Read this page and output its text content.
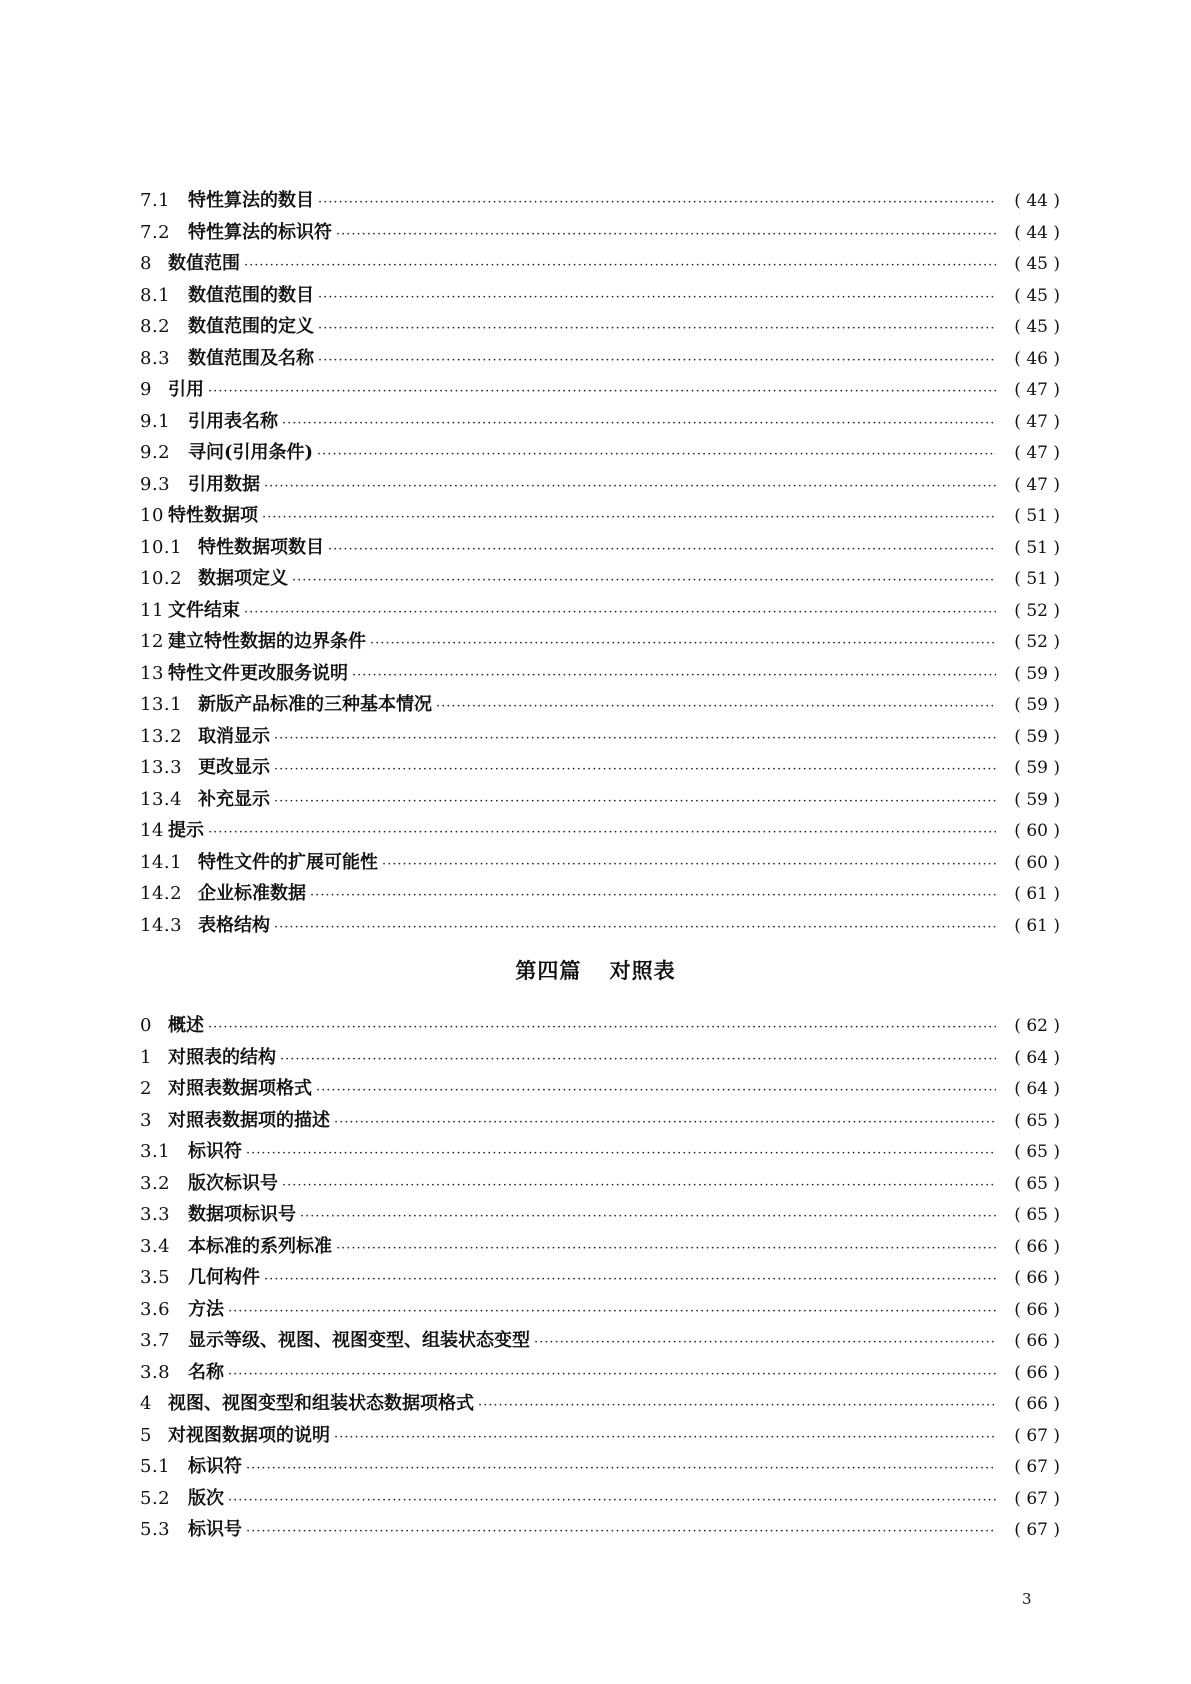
7.1 特性算法的数目 ·····	( 44 )
7.2 特性算法的标识符 ·····	( 44 )
8 数值范围 ·····	( 45 )
8.1 数值范围的数目 ·····	( 45 )
8.2 数值范围的定义 ·····	( 45 )
8.3 数值范围及名称 ·····	( 46 )
9 引用 ·····	( 47 )
9.1 引用表名称 ·····	( 47 )
9.2 寻问(引用条件) ·····	( 47 )
9.3 引用数据 ·····	( 47 )
10 特性数据项 ·····	( 51 )
10.1 特性数据项数目 ·····	( 51 )
10.2 数据项定义 ·····	( 51 )
11 文件结束 ·····	( 52 )
12 建立特性数据的边界条件 ·····	( 52 )
13 特性文件更改服务说明 ·····	( 59 )
13.1 新版产品标准的三种基本情况 ·····	( 59 )
13.2 取消显示 ·····	( 59 )
13.3 更改显示 ·····	( 59 )
13.4 补充显示 ·····	( 59 )
14 提示 ·····	( 60 )
14.1 特性文件的扩展可能性 ·····	( 60 )
14.2 企业标准数据 ·····	( 61 )
14.3 表格结构 ·····	( 61 )
第四篇 对照表
0 概述 ·····	( 62 )
1 对照表的结构 ·····	( 64 )
2 对照表数据项格式 ·····	( 64 )
3 对照表数据项的描述 ·····	( 65 )
3.1 标识符 ·····	( 65 )
3.2 版次标识号 ·····	( 65 )
3.3 数据项标识号 ·····	( 65 )
3.4 本标准的系列标准 ·····	( 66 )
3.5 几何构件 ·····	( 66 )
3.6 方法 ·····	( 66 )
3.7 显示等级、视图、视图变型、组装状态变型 ·····	( 66 )
3.8 名称 ·····	( 66 )
4 视图、视图变型和组装状态数据项格式 ·····	( 66 )
5 对视图数据项的说明 ·····	( 67 )
5.1 标识符 ·····	( 67 )
5.2 版次 ·····	( 67 )
5.3 标识号 ·····	( 67 )
3
